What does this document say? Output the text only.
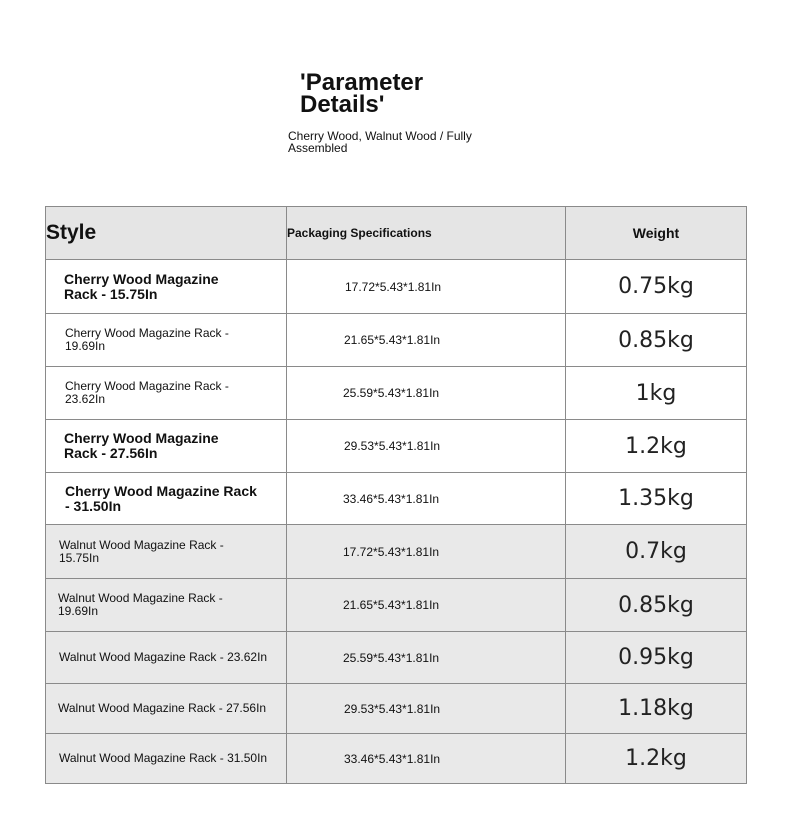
'Parameter Details'
Cherry Wood, Walnut Wood / Fully Assembled
Style	Packaging Specifications	Weight

Cherry Wood Magazine Rack - 15.75In	17.72*5.43*1.81In	0.75kg

Cherry Wood Magazine Rack - 19.69In	21.65*5.43*1.81In	0.85kg

Cherry Wood Magazine Rack - 23.62In	25.59*5.43*1.81In	1kg

Cherry Wood Magazine Rack - 27.56In	29.53*5.43*1.81In	1.2kg

Cherry Wood Magazine Rack - 31.50In	33.46*5.43*1.81In	1.35kg

Walnut Wood Magazine Rack - 15.75In	17.72*5.43*1.81In	0.7kg

Walnut Wood Magazine Rack - 19.69In	21.65*5.43*1.81In	0.85kg

Walnut Wood Magazine Rack - 23.62In	25.59*5.43*1.81In	0.95kg

Walnut Wood Magazine Rack - 27.56In	29.53*5.43*1.81In	1.18kg

Walnut Wood Magazine Rack - 31.50In	33.46*5.43*1.81In	1.2kg
